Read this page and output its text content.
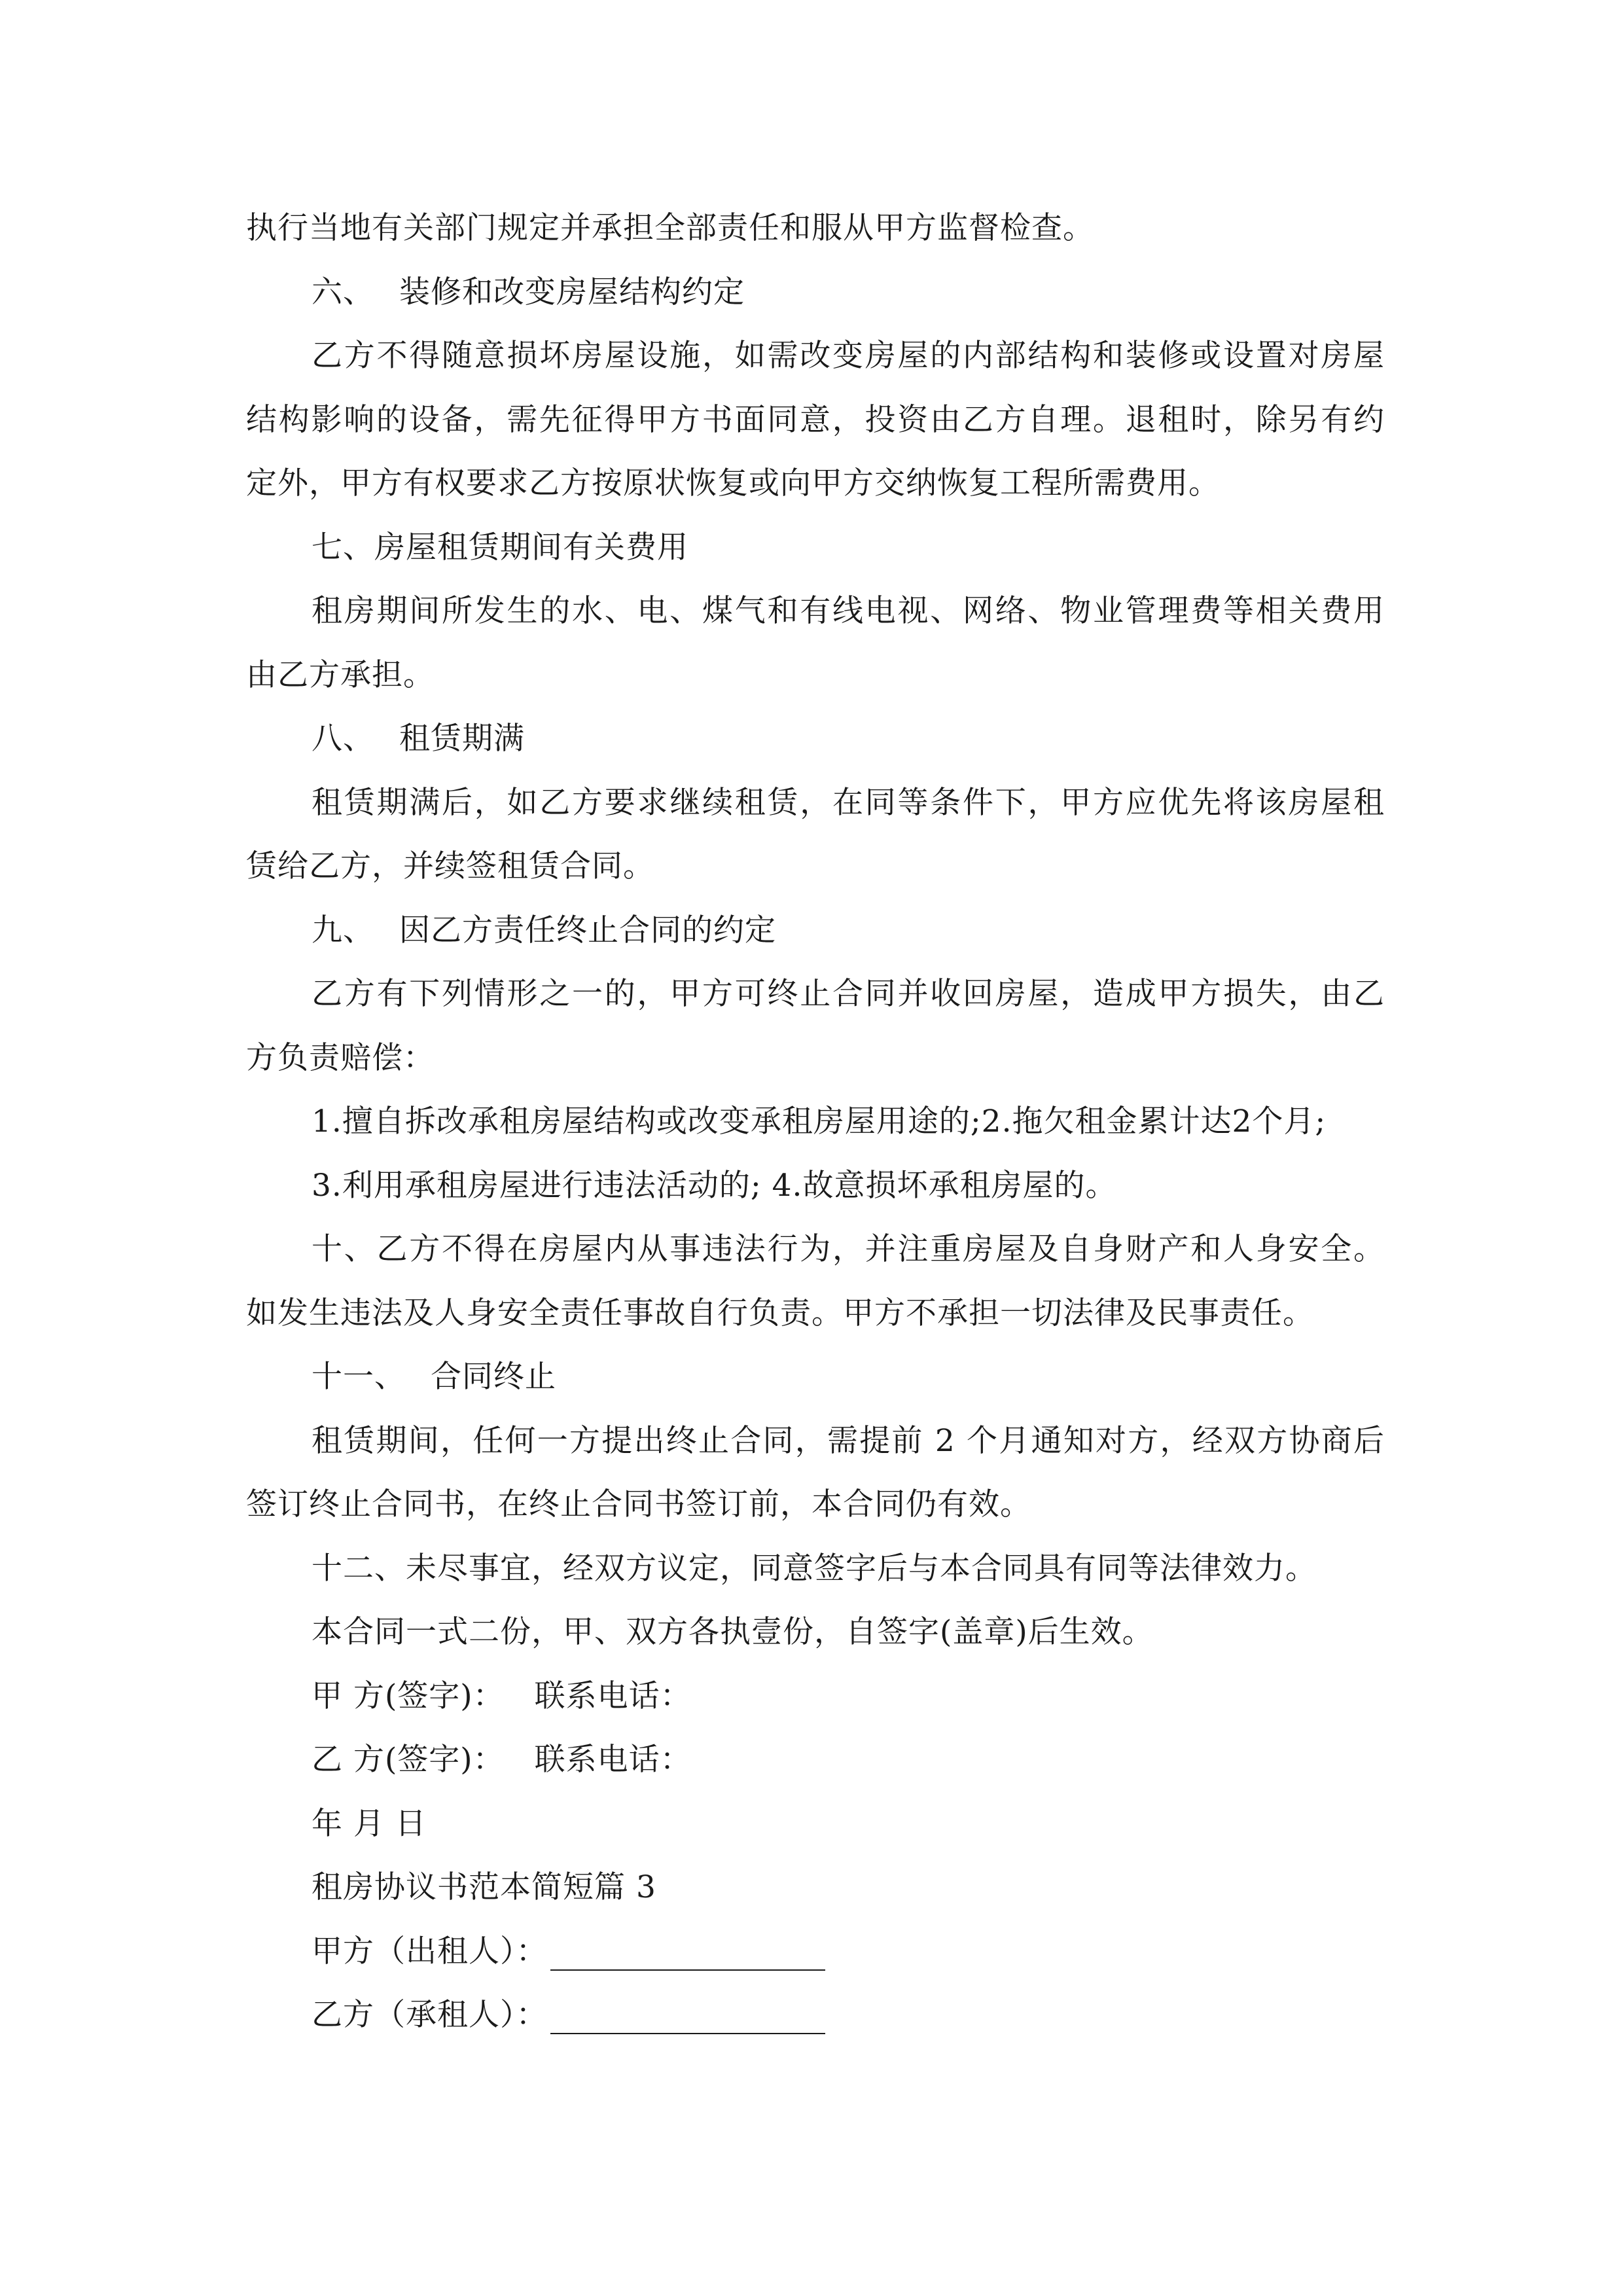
执行当地有关部门规定并承担全部责任和服从甲方监督检查。
六、 装修和改变房屋结构约定
乙方不得随意损坏房屋设施，如需改变房屋的内部结构和装修或设置对房屋
结构影响的设备，需先征得甲方书面同意，投资由乙方自理。退租时，除另有约
定外，甲方有权要求乙方按原状恢复或向甲方交纳恢复工程所需费用。
七、房屋租赁期间有关费用
租房期间所发生的水、电、煤气和有线电视、网络、物业管理费等相关费用
由乙方承担。
八、 租赁期满
租赁期满后，如乙方要求继续租赁，在同等条件下，甲方应优先将该房屋租
赁给乙方，并续签租赁合同。
九、 因乙方责任终止合同的约定
乙方有下列情形之一的，甲方可终止合同并收回房屋，造成甲方损失，由乙
方负责赔偿：
1.擅自拆改承租房屋结构或改变承租房屋用途的;2.拖欠租金累计达2个月;
3.利用承租房屋进行违法活动的; 4.故意损坏承租房屋的。
十、乙方不得在房屋内从事违法行为，并注重房屋及自身财产和人身安全。
如发生违法及人身安全责任事故自行负责。甲方不承担一切法律及民事责任。
十一、 合同终止
租赁期间，任何一方提出终止合同，需提前 2 个月通知对方，经双方协商后
签订终止合同书，在终止合同书签订前，本合同仍有效。
十二、未尽事宜，经双方议定，同意签字后与本合同具有同等法律效力。
本合同一式二份，甲、双方各执壹份，自签字(盖章)后生效。
甲 方(签字)： 联系电话：
乙 方(签字)： 联系电话：
年 月 日
租房协议书范本简短篇 3
甲方（出租人）：
乙方（承租人）：
